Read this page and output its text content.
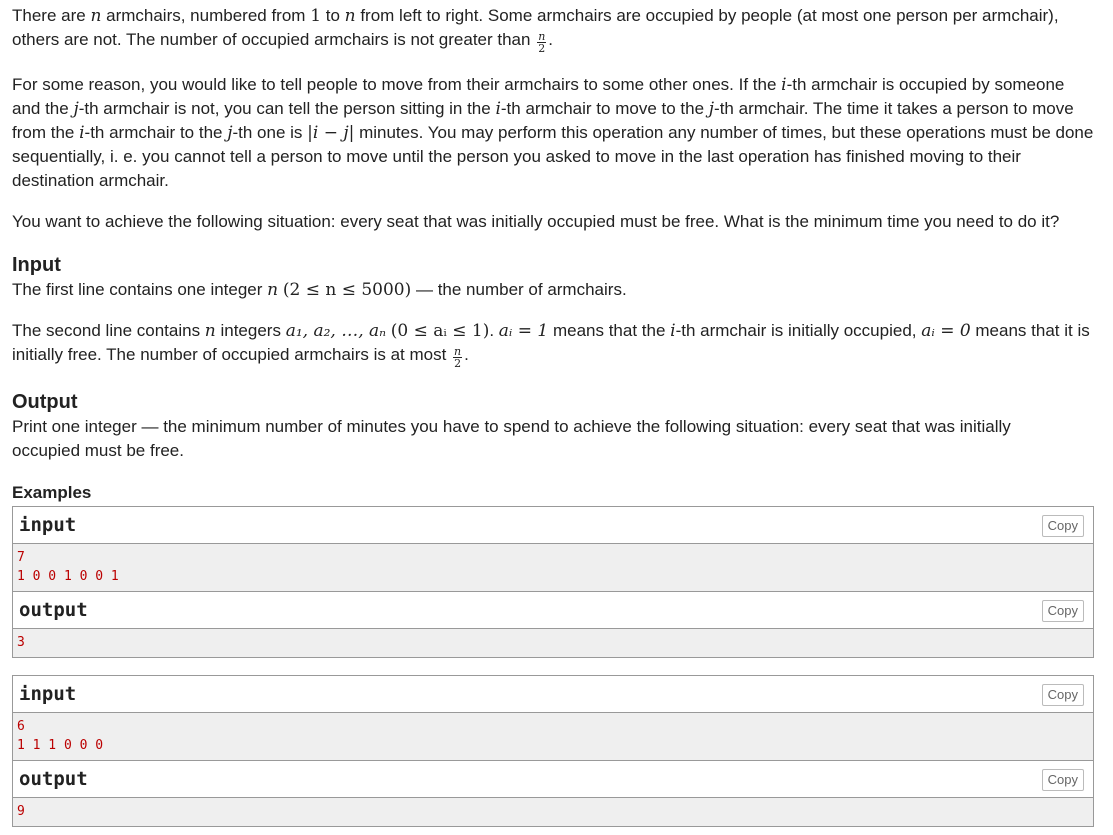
There are n armchairs, numbered from 1 to n from left to right. Some armchairs are occupied by people (at most one person per armchair), others are not. The number of occupied armchairs is not greater than $\frac{n}{2}$ .

For some reason, you would like to tell people to move from their armchairs to some other ones. If the i-th armchair is occupied by someone and the j-th armchair is not, you can tell the person sitting in the i-th armchair to move to the j-th armchair. The time it takes a person to move from the i-th armchair to the j-th one is |i − j| minutes. You may perform this operation any number of times, but these operations must be done sequentially, i. e. you cannot tell a person to move until the person you asked to move in the last operation has finished moving to their destination armchair.

You want to achieve the following situation: every seat that was initially occupied must be free. What is the minimum time you need to do it?

Input

The first line contains one integer n (2 ≤ n ≤ 5000) — the number of armchairs.

The second line contains n integers a₁, a₂, …, aₙ (0 ≤ aᵢ ≤ 1). aᵢ = 1 means that the i-th armchair is initially occupied, aᵢ = 0 means that it is initially free. The number of occupied armchairs is at most $\frac{n}{2}$ .

Output

Print one integer — the minimum number of minutes you have to spend to achieve the following situation: every seat that was initially occupied must be free.

Examples
input	Copy
7
1 0 0 1 0 0 1
output	Copy
3
input	Copy
6
1 1 1 0 0 0
output	Copy
9
